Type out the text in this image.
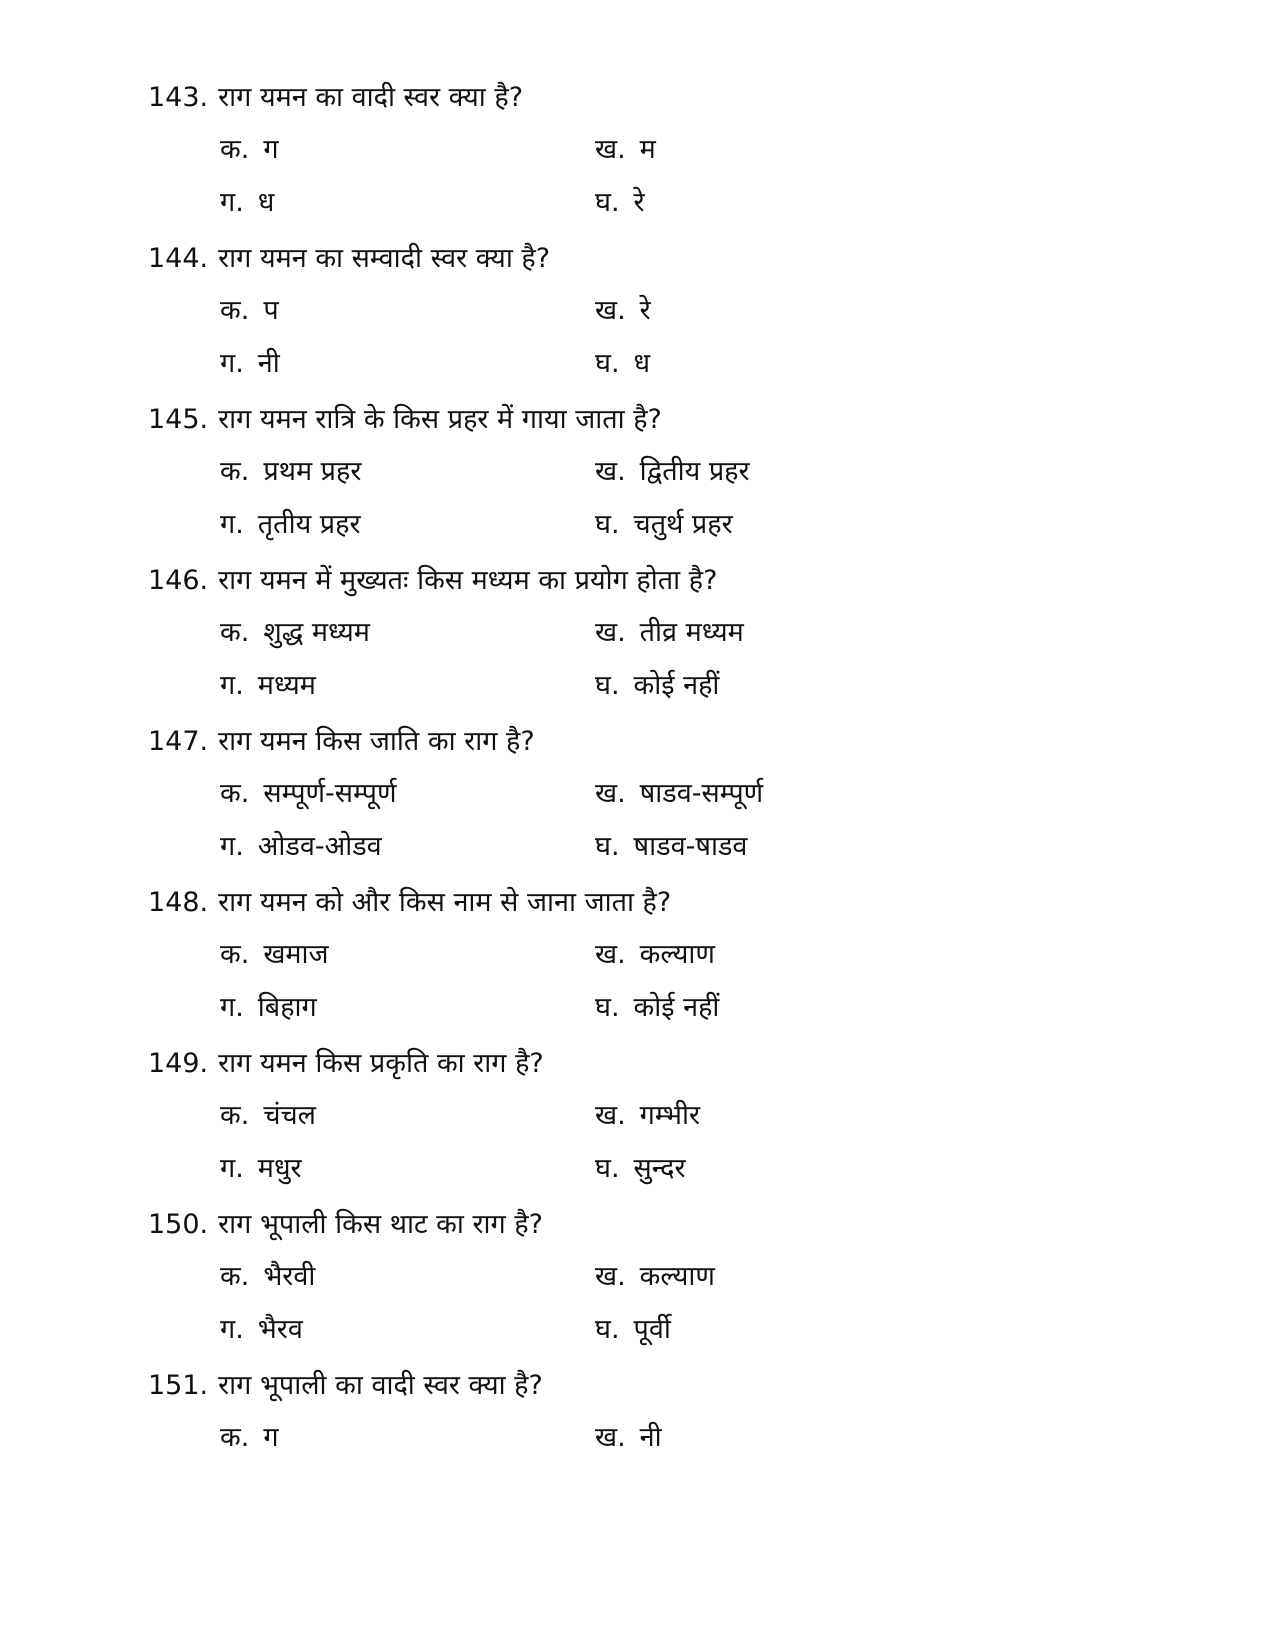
143. राग यमन का वादी स्वर क्या है?
क. ग	ख. म
ग. ध	घ. रे
144. राग यमन का सम्वादी स्वर क्या है?
क. प	ख. रे
ग. नी	घ. ध
145. राग यमन रात्रि के किस प्रहर में गाया जाता है?
क. प्रथम प्रहर	ख. द्वितीय प्रहर
ग. तृतीय प्रहर	घ. चतुर्थ प्रहर
146. राग यमन में मुख्यतः किस मध्यम का प्रयोग होता है?
क. शुद्ध मध्यम	ख. तीव्र मध्यम
ग. मध्यम	घ. कोई नहीं
147. राग यमन किस जाति का राग है?
क. सम्पूर्ण-सम्पूर्ण	ख. षाडव-सम्पूर्ण
ग. ओडव-ओडव	घ. षाडव-षाडव
148. राग यमन को और किस नाम से जाना जाता है?
क. खमाज	ख. कल्याण
ग. बिहाग	घ. कोई नहीं
149. राग यमन किस प्रकृति का राग है?
क. चंचल	ख. गम्भीर
ग. मधुर	घ. सुन्दर
150. राग भूपाली किस थाट का राग है?
क. भैरवी	ख. कल्याण
ग. भैरव	घ. पूर्वी
151. राग भूपाली का वादी स्वर क्या है?
क. ग	ख. नी
